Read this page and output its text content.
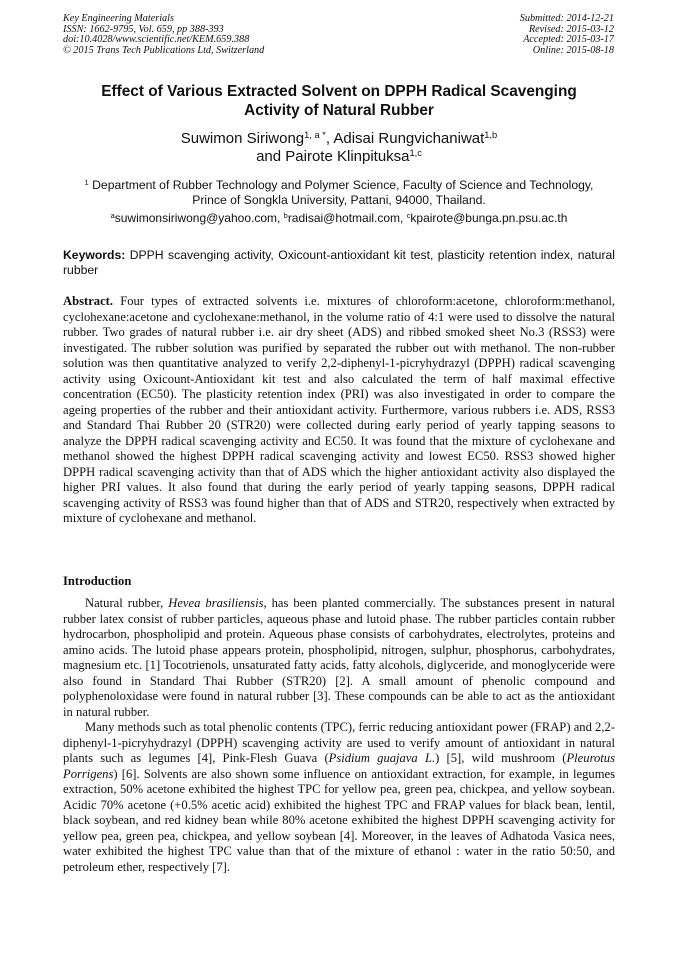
Key Engineering Materials
ISSN: 1662-9795, Vol. 659, pp 388-393
doi:10.4028/www.scientific.net/KEM.659.388
© 2015 Trans Tech Publications Ltd, Switzerland
Submitted: 2014-12-21
Revised: 2015-03-12
Accepted: 2015-03-17
Online: 2015-08-18
Effect of Various Extracted Solvent on DPPH Radical Scavenging
Activity of Natural Rubber
Suwimon Siriwong$^{1, a *}$, Adisai Rungvichaniwat$^{1,b}$
and Pairote Klinpituksa$^{1,c}$
$^1$ Department of Rubber Technology and Polymer Science, Faculty of Science and Technology,
Prince of Songkla University, Pattani, 94000, Thailand.
$^a$suwimonsiriwong@yahoo.com, $^b$radisai@hotmail.com, $^c$kpairote@bunga.pn.psu.ac.th
Keywords: DPPH scavenging activity, Oxicount-antioxidant kit test, plasticity retention index, natural rubber
Abstract. Four types of extracted solvents i.e. mixtures of chloroform:acetone, chloroform:methanol, cyclohexane:acetone and cyclohexane:methanol, in the volume ratio of 4:1 were used to dissolve the natural rubber. Two grades of natural rubber i.e. air dry sheet (ADS) and ribbed smoked sheet No.3 (RSS3) were investigated. The rubber solution was purified by separated the rubber out with methanol. The non-rubber solution was then quantitative analyzed to verify 2,2-diphenyl-1-picryhydrazyl (DPPH) radical scavenging activity using Oxicount-Antioxidant kit test and also calculated the term of half maximal effective concentration (EC50). The plasticity retention index (PRI) was also investigated in order to compare the ageing properties of the rubber and their antioxidant activity. Furthermore, various rubbers i.e. ADS, RSS3 and Standard Thai Rubber 20 (STR20) were collected during early period of yearly tapping seasons to analyze the DPPH radical scavenging activity and EC50. It was found that the mixture of cyclohexane and methanol showed the highest DPPH radical scavenging activity and lowest EC50. RSS3 showed higher DPPH radical scavenging activity than that of ADS which the higher antioxidant activity also displayed the higher PRI values. It also found that during the early period of yearly tapping seasons, DPPH radical scavenging activity of RSS3 was found higher than that of ADS and STR20, respectively when extracted by mixture of cyclohexane and methanol.
Introduction

Natural rubber, Hevea brasiliensis, has been planted commercially. The substances present in natural rubber latex consist of rubber particles, aqueous phase and lutoid phase. The rubber particles contain rubber hydrocarbon, phospholipid and protein. Aqueous phase consists of carbohydrates, electrolytes, proteins and amino acids. The lutoid phase appears protein, phospholipid, nitrogen, sulphur, phosphorus, carbohydrates, magnesium etc. [1] Tocotrienols, unsaturated fatty acids, fatty alcohols, diglyceride, and monoglyceride were also found in Standard Thai Rubber (STR20) [2]. A small amount of phenolic compound and polyphenoloxidase were found in natural rubber [3]. These compounds can be able to act as the antioxidant in natural rubber.

Many methods such as total phenolic contents (TPC), ferric reducing antioxidant power (FRAP) and 2,2-diphenyl-1-picryhydrazyl (DPPH) scavenging activity are used to verify amount of antioxidant in natural plants such as legumes [4], Pink-Flesh Guava (Psidium guajava L.) [5], wild mushroom (Pleurotus Porrigens) [6]. Solvents are also shown some influence on antioxidant extraction, for example, in legumes extraction, 50% acetone exhibited the highest TPC for yellow pea, green pea, chickpea, and yellow soybean. Acidic 70% acetone (+0.5% acetic acid) exhibited the highest TPC and FRAP values for black bean, lentil, black soybean, and red kidney bean while 80% acetone exhibited the highest DPPH scavenging activity for yellow pea, green pea, chickpea, and yellow soybean [4]. Moreover, in the leaves of Adhatoda Vasica nees, water exhibited the highest TPC value than that of the mixture of ethanol : water in the ratio 50:50, and petroleum ether, respectively [7].
